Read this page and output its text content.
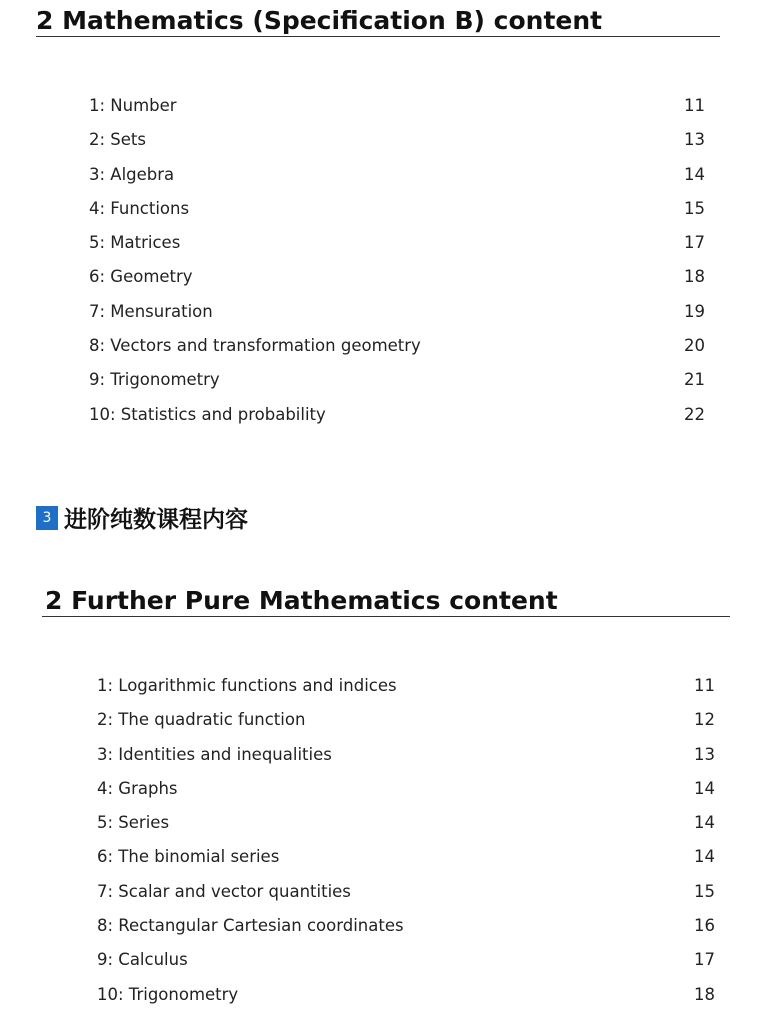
2 Mathematics (Specification B) content
1: Number	11
2: Sets	13
3: Algebra	14
4: Functions	15
5: Matrices	17
6: Geometry	18
7: Mensuration	19
8: Vectors and transformation geometry	20
9: Trigonometry	21
10: Statistics and probability	22
3 进阶纯数课程内容
2 Further Pure Mathematics content
1: Logarithmic functions and indices	11
2: The quadratic function	12
3: Identities and inequalities	13
4: Graphs	14
5: Series	14
6: The binomial series	14
7: Scalar and vector quantities	15
8: Rectangular Cartesian coordinates	16
9: Calculus	17
10: Trigonometry	18
